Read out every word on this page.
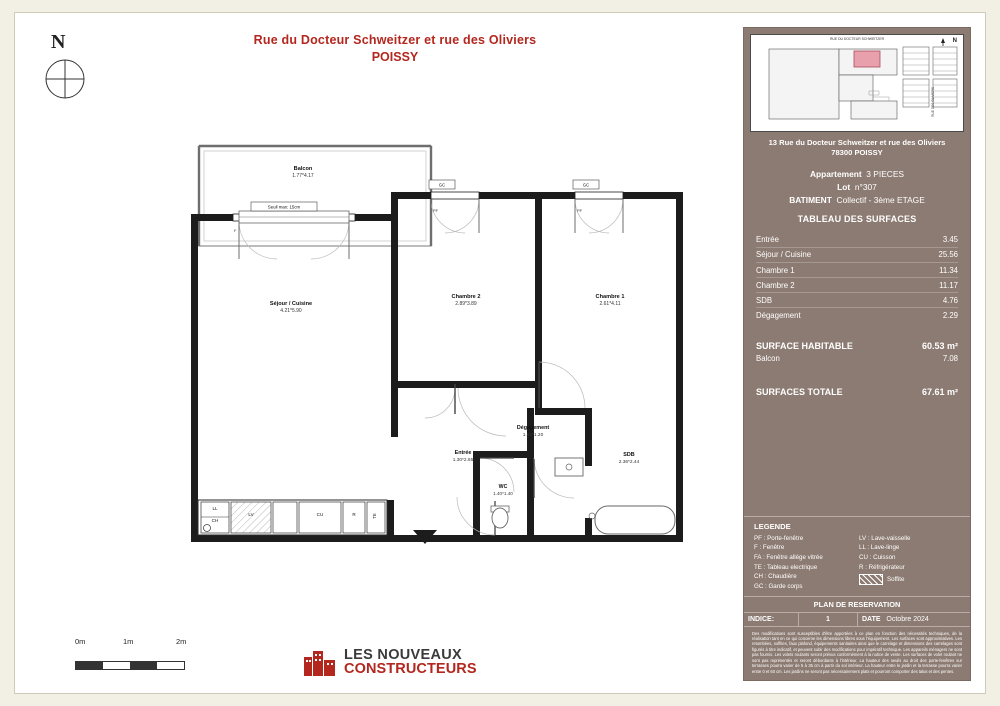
N	Rue du Docteur Schweitzer et rue des Oliviers
POISSY
Balcon
1.77*4.17
Seuil max: 15cm
F
GC	GC
PF	PF
Séjour / Cuisine
4.21*5.90
Chambre 2
2.89*3.89
Chambre 1
2.61*4.11
Dégagement
1.51*1.20
Entrée
1.30*2.65
SDB
2.36*2.44
WC
1.40*1.40
LL
CH
LV	CU	R	TE
0m	1m	2m
LES NOUVEAUX
CONSTRUCTEURS
RUE DU DOCTEUR SCHWEITZER	N
RUE DES OLIVIERS
13 Rue du Docteur Schweitzer et rue des Oliviers
78300 POISSY
Appartement 3 PIECES
Lot n°307
BATIMENT Collectif - 3ème ETAGE
TABLEAU DES SURFACES
Entrée	3.45
Séjour / Cuisine	25.56
Chambre 1	11.34
Chambre 2	11.17
SDB	4.76
Dégagement	2.29
SURFACE HABITABLE	60.53 m²
Balcon	7.08
SURFACES TOTALE	67.61 m²
LEGENDE
PF : Porte-fenêtre
F : Fenêtre
FA : Fenêtre allége vitrée
TE : Tableau electrique
CH : Chaudière
GC : Garde corps
LV : Lave-vaisselle
LL : Lave-linge
CU : Cuisson
R : Réfrigérateur
Soffite
PLAN DE RESERVATION
INDICE:	1	DATE Octobre 2024
Des modifications sont susceptibles d'être apportées à ce plan en fonction des nécessités techniques, de la réalisation tant en ce qui concerne les dimensions libres sous l'équipement. Les surfaces sont approximatives. Les retombées, soffites, faux plafond, équipements sanitaires ainsi que le carrelage et dimensions des carrelages sont figurés à titre indicatif, et peuvent subir des modifications pour impératif technique. Les appareils ménagers ne sont pas fournis. Les volets roulants seront prévus conformément à la notice de vente. Les surfaces de volet roulant ne sont pas représentés et seront débordants à l'intérieur. La hauteur des seuils au droit des porte-fenêtres sur terrasses pourra varier de 5 à 35 cm à partir du sol intérieur. La hauteur entre le jardin et la terrasse pourra varier entre 0 et 60 cm. Les jardins ne seront pas nécessairement plats et pourront comporter des talus et des pentes.
